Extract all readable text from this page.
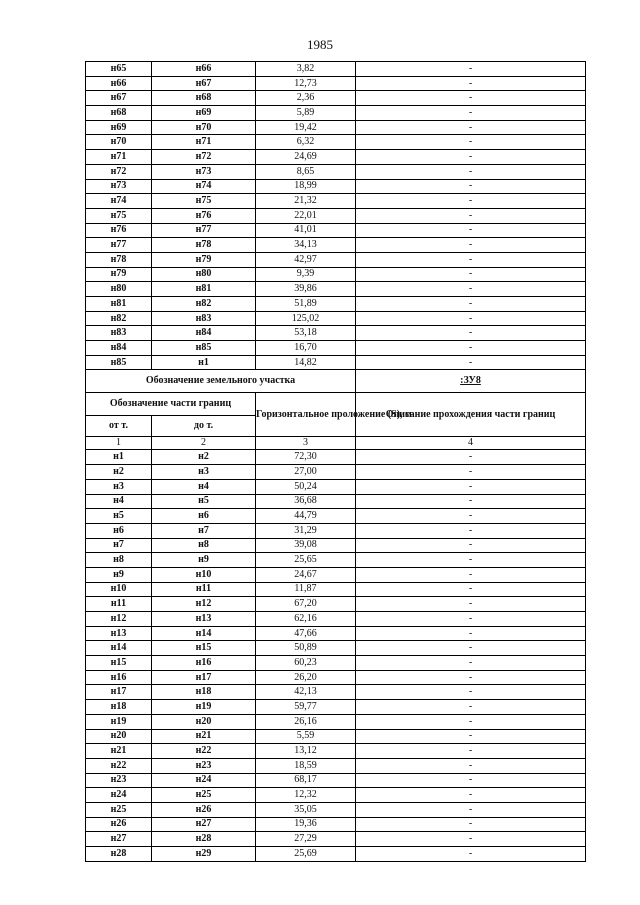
1985
н65	н66	3,82	-
н66	н67	12,73	-
н67	н68	2,36	-
н68	н69	5,89	-
н69	н70	19,42	-
н70	н71	6,32	-
н71	н72	24,69	-
н72	н73	8,65	-
н73	н74	18,99	-
н74	н75	21,32	-
н75	н76	22,01	-
н76	н77	41,01	-
н77	н78	34,13	-
н78	н79	42,97	-
н79	н80	9,39	-
н80	н81	39,86	-
н81	н82	51,89	-
н82	н83	125,02	-
н83	н84	53,18	-
н84	н85	16,70	-
н85	н1	14,82	-
Обозначение земельного участка			:ЗУ8
Обозначение части границ		Горизонтальное проложение (S), м	Описание прохождения части границ
от т.	до т.		
1	2	3	4
н1	н2	72,30	-
н2	н3	27,00	-
н3	н4	50,24	-
н4	н5	36,68	-
н5	н6	44,79	-
н6	н7	31,29	-
н7	н8	39,08	-
н8	н9	25,65	-
н9	н10	24,67	-
н10	н11	11,87	-
н11	н12	67,20	-
н12	н13	62,16	-
н13	н14	47,66	-
н14	н15	50,89	-
н15	н16	60,23	-
н16	н17	26,20	-
н17	н18	42,13	-
н18	н19	59,77	-
н19	н20	26,16	-
н20	н21	5,59	-
н21	н22	13,12	-
н22	н23	18,59	-
н23	н24	68,17	-
н24	н25	12,32	-
н25	н26	35,05	-
н26	н27	19,36	-
н27	н28	27,29	-
н28	н29	25,69	-
